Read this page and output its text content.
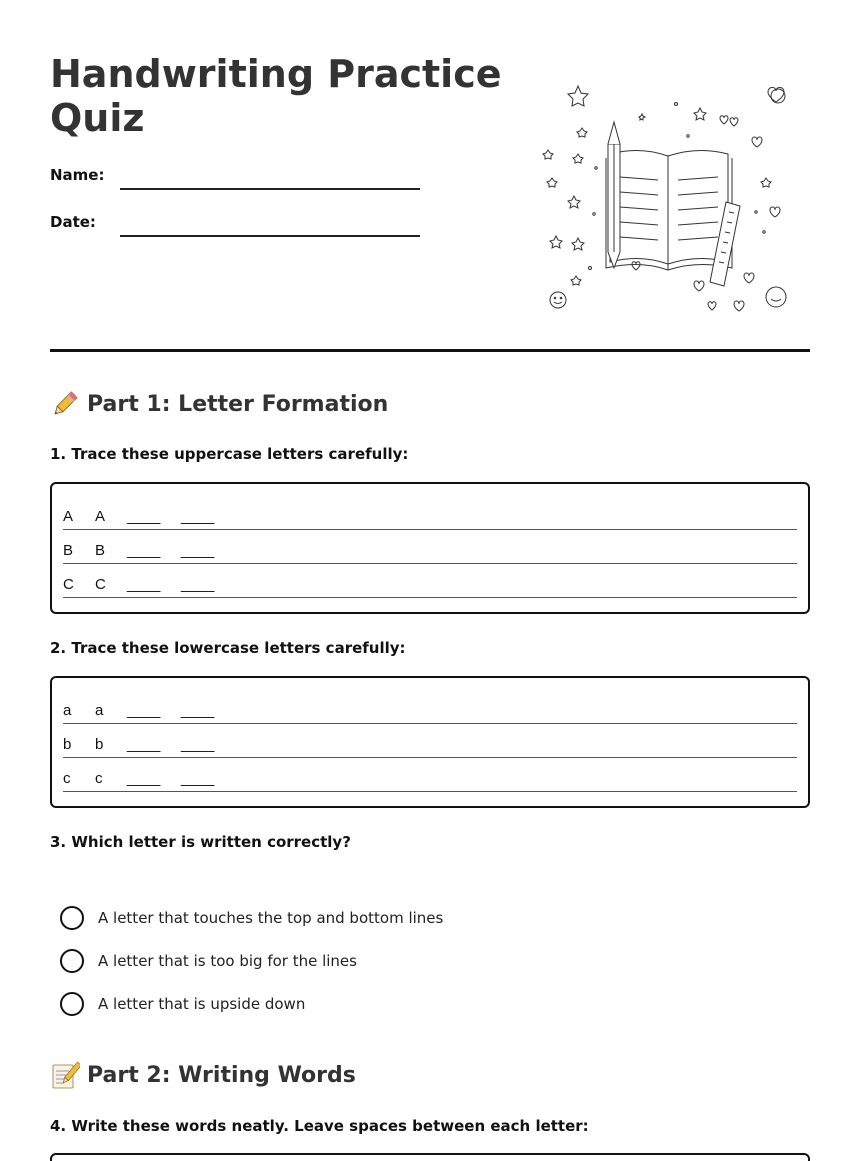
Handwriting Practice Quiz
Name:
Date:
Part 1: Letter Formation
1. Trace these uppercase letters carefully:
A	A	____	____
B	B	____	____
C	C	____	____
2. Trace these lowercase letters carefully:
a	a	____	____
b	b	____	____
c	c	____	____
3. Which letter is written correctly?
A letter that touches the top and bottom lines
A letter that is too big for the lines
A letter that is upside down
Part 2: Writing Words
4. Write these words neatly. Leave spaces between each letter:
